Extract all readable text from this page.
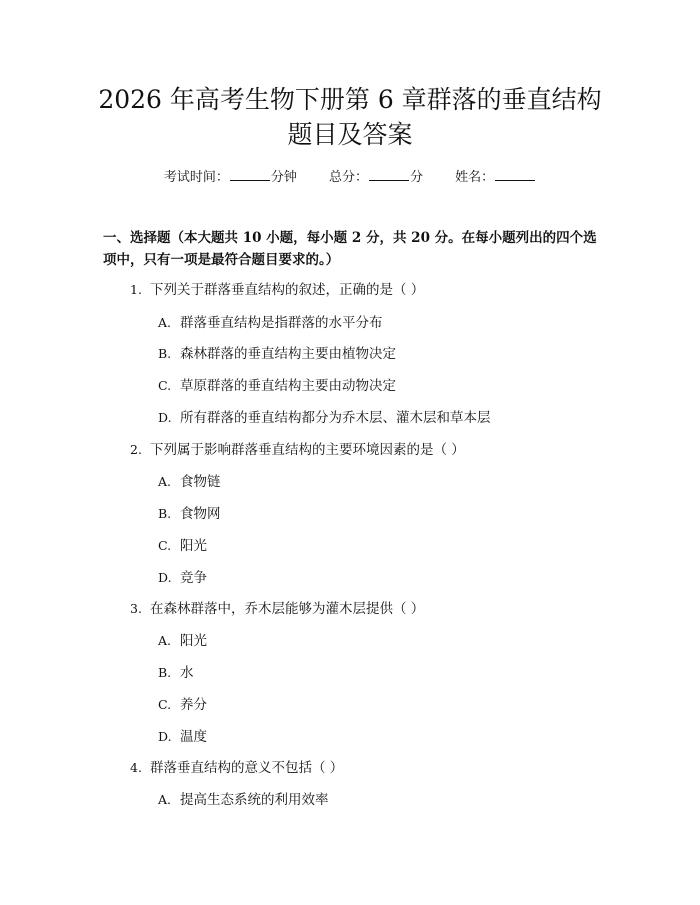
2026 年高考生物下册第 6 章群落的垂直结构
题目及答案
考试时间：	分钟 总分：	分 姓名：
一、选择题（本大题共 10 小题，每小题 2 分，共 20 分。在每小题列出的四个选项中，只有一项是最符合题目要求的。）
1. 下列关于群落垂直结构的叙述，正确的是（ ）
A. 群落垂直结构是指群落的水平分布
B. 森林群落的垂直结构主要由植物决定
C. 草原群落的垂直结构主要由动物决定
D. 所有群落的垂直结构都分为乔木层、灌木层和草本层
2. 下列属于影响群落垂直结构的主要环境因素的是（ ）
A. 食物链
B. 食物网
C. 阳光
D. 竞争
3. 在森林群落中，乔木层能够为灌木层提供（ ）
A. 阳光
B. 水
C. 养分
D. 温度
4. 群落垂直结构的意义不包括（ ）
A. 提高生态系统的利用效率
